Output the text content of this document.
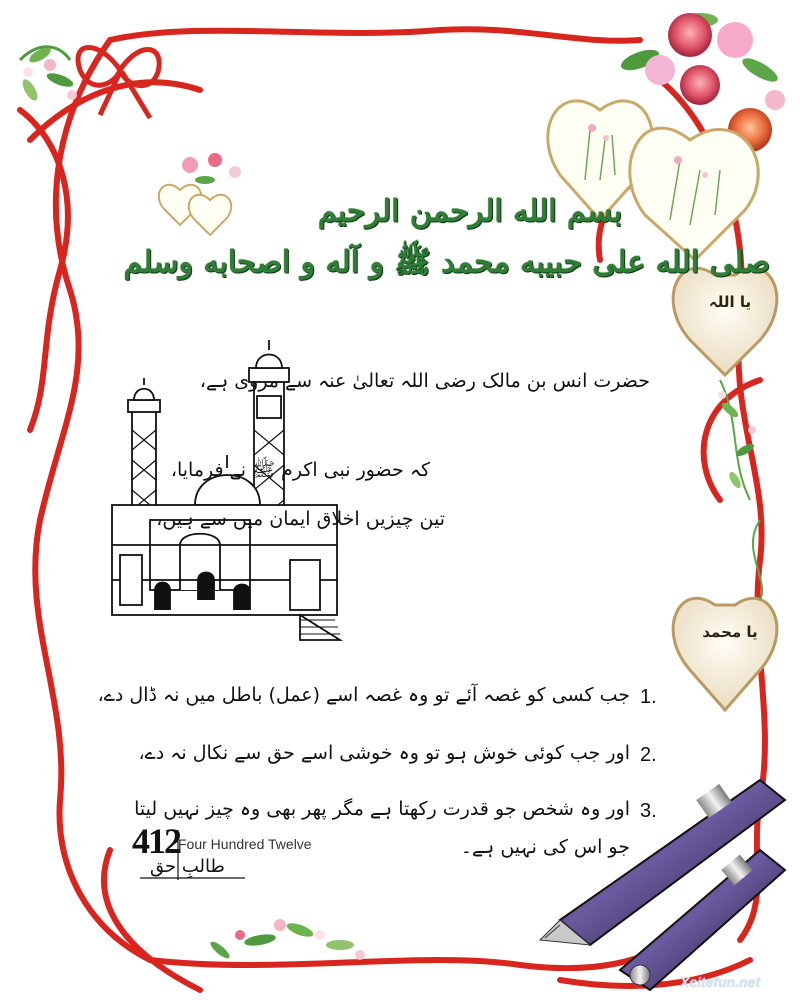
یا اللہ
یا محمد
بسم الله الرحمن الرحیم
صلی الله علی حبیبه محمد ﷺ و آله و اصحابه وسلم
حضرت انس بن مالک رضی اللہ تعالیٰ عنہ سے مروی ہے،
کہ حضور نبی اکرم ﷺ نے فرمایا،
تین چیزیں اخلاق ایمان میں سے ہیں،
1.
جب کسی کو غصہ آئے تو وہ غصہ اسے (عمل) باطل میں نہ ڈال دے،
2.
اور جب کوئی خوش ہو تو وہ خوشی اسے حق سے نکال نہ دے،
3.
اور وہ شخص جو قدرت رکھتا ہے مگر پھر بھی وہ چیز نہیں لیتا
جو اس کی نہیں ہے۔
412
Four Hundred Twelve
طالبِ حق
Xcitefun.net
